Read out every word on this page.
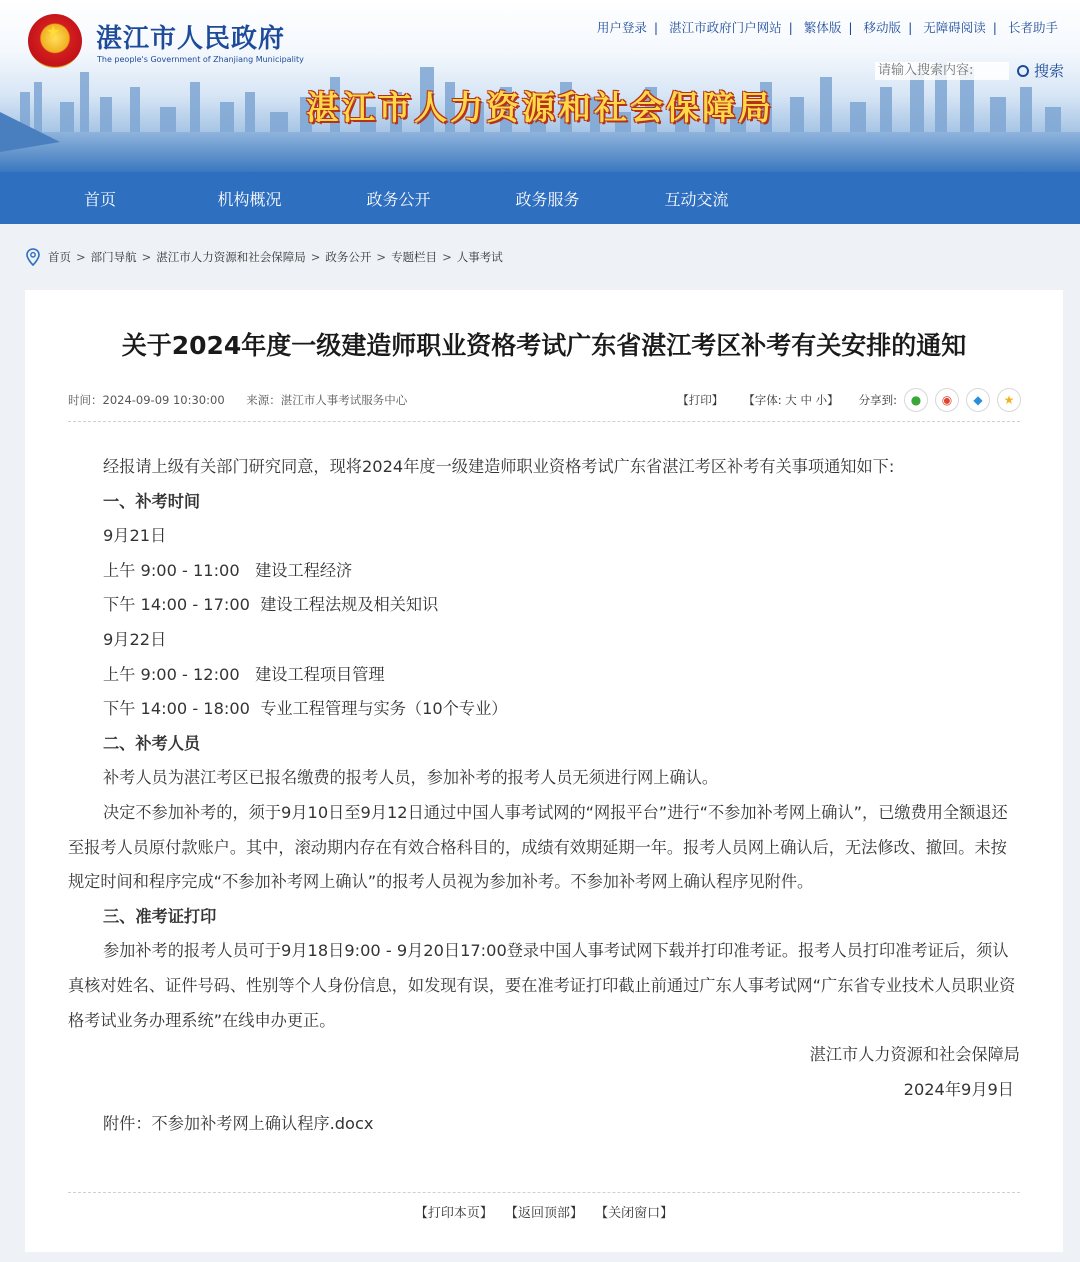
★ 湛江市人民政府
The people's Government of Zhanjiang Municipality
用户登录 | 湛江市政府门户网站 | 繁体版 | 移动版 | 无障碍阅读 | 长者助手
请输入搜索内容:
搜索
湛江市人力资源和社会保障局
首页	机构概况	政务公开	政务服务	互动交流
首页 > 部门导航 > 湛江市人力资源和社会保障局 > 政务公开 > 专题栏目 > 人事考试
关于2024年度一级建造师职业资格考试广东省湛江考区补考有关安排的通知
时间：2024-09-09 10:30:00 来源：湛江市人事考试服务中心	【打印】 【字体: 大 中 小】 分享到:	●	◉	◆	★

经报请上级有关部门研究同意，现将2024年度一级建造师职业资格考试广东省湛江考区补考有关事项通知如下:

一、补考时间

9月21日

上午 9:00 - 11:00   建设工程经济

下午 14:00 - 17:00  建设工程法规及相关知识

9月22日

上午 9:00 - 12:00   建设工程项目管理

下午 14:00 - 18:00  专业工程管理与实务（10个专业）

二、补考人员

补考人员为湛江考区已报名缴费的报考人员，参加补考的报考人员无须进行网上确认。

决定不参加补考的，须于9月10日至9月12日通过中国人事考试网的“网报平台”进行“不参加补考网上确认”，已缴费用全额退还至报考人员原付款账户。其中，滚动期内存在有效合格科目的，成绩有效期延期一年。报考人员网上确认后，无法修改、撤回。未按规定时间和程序完成“不参加补考网上确认”的报考人员视为参加补考。不参加补考网上确认程序见附件。

三、准考证打印

参加补考的报考人员可于9月18日9:00 - 9月20日17:00登录中国人事考试网下载并打印准考证。报考人员打印准考证后，须认真核对姓名、证件号码、性别等个人身份信息，如发现有误，要在准考证打印截止前通过广东人事考试网“广东省专业技术人员职业资格考试业务办理系统”在线申办更正。

湛江市人力资源和社会保障局

2024年9月9日

附件：不参加补考网上确认程序.docx

【打印本页】 【返回顶部】 【关闭窗口】
